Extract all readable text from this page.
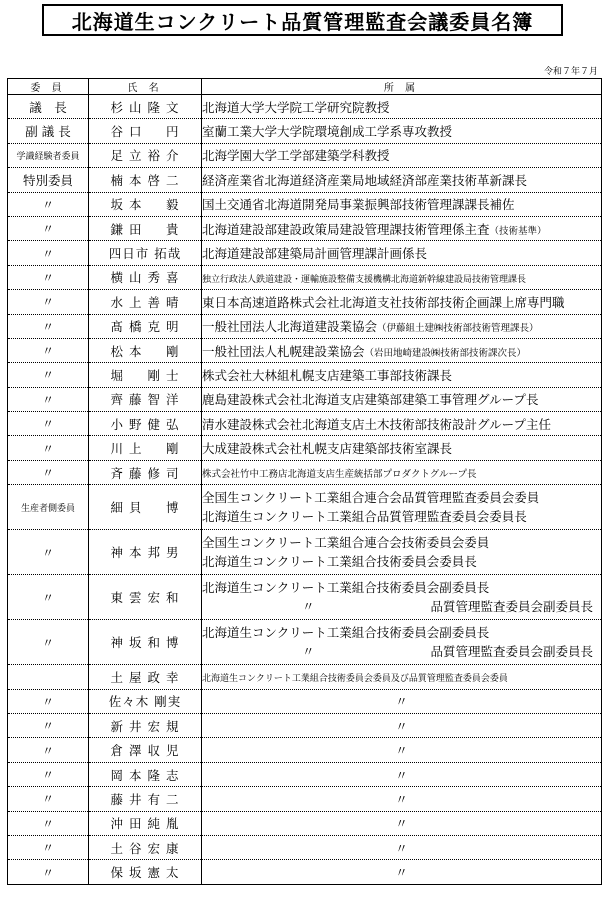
北海道生コンクリート品質管理監査会議委員名簿
令和７年７月
委 員	氏 名	所 属
議　長	杉 山 隆 文	北海道大学大学院工学研究院教授
副 議 長	谷 口 　 円	室蘭工業大学大学院環境創成工学系専攻教授
学識経験者委員	足 立 裕 介	北海学園大学工学部建築学科教授
特別委員	楠 本 啓 二	経済産業省北海道経済産業局地域経済部産業技術革新課長
〃	坂 本 　 毅	国土交通省北海道開発局事業振興部技術管理課課長補佐
〃	鎌 田 　 貴	北海道建設部建設政策局建設管理課技術管理係主査（技術基準）
〃	四日市 拓哉	北海道建設部建築局計画管理課計画係長
〃	横 山 秀 喜	独立行政法人鉄道建設・運輸施設整備支援機構北海道新幹線建設局技術管理課長
〃	水 上 善 晴	東日本高速道路株式会社北海道支社技術部技術企画課上席専門職
〃	髙 橋 克 明	一般社団法人北海道建設業協会（伊藤組土建㈱技術部技術管理課長）
〃	松 本 　 剛	一般社団法人札幌建設業協会（岩田地崎建設㈱技術部技術課次長）
〃	堀 　 剛 士	株式会社大林組札幌支店建築工事部技術課長
〃	齊 藤 智 洋	鹿島建設株式会社北海道支店建築部建築工事管理グループ長
〃	小 野 健 弘	清水建設株式会社北海道支店土木技術部技術設計グループ主任
〃	川 上 　 剛	大成建設株式会社札幌支店建築部技術室課長
〃	斉 藤 修 司	株式会社竹中工務店北海道支店生産統括部プロダクトグループ長
生産者側委員	細 貝 　 博	全国生コンクリート工業組合連合会品質管理監査委員会委員
北海道生コンクリート工業組合品質管理監査委員会委員長

〃	神 本 邦 男	全国生コンクリート工業組合連合会技術委員会委員
北海道生コンクリート工業組合技術委員会委員長

〃	東 雲 宏 和	北海道生コンクリート工業組合技術委員会副委員長
〃 品質管理監査委員会副委員長

〃	神 坂 和 博	北海道生コンクリート工業組合技術委員会副委員長
〃 品質管理監査委員会副委員長

	土 屋 政 幸	北海道生コンクリート工業組合技術委員会委員及び品質管理監査委員会委員
〃	佐々木 剛実	〃
〃	新 井 宏 規	〃
〃	倉 澤 収 児	〃
〃	岡 本 隆 志	〃
〃	藤 井 有 二	〃
〃	沖 田 純 胤	〃
〃	土 谷 宏 康	〃
〃	保 坂 憲 太	〃
